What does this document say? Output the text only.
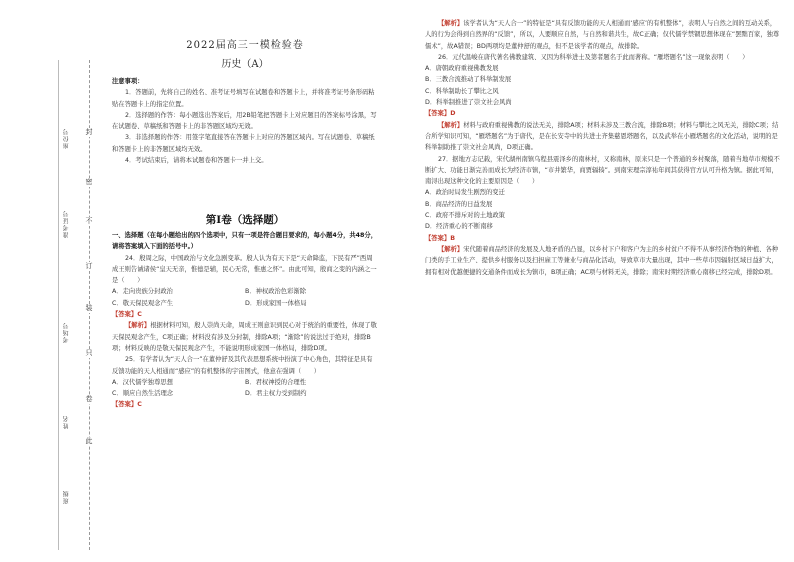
封
密
不
订
装
只
卷
此
座位号
准考证号
考场号
姓名
班级
2022届高三一模检验卷
历史（A）

注意事项：

1．答题前，先将自己的姓名、准考证号填写在试题卷和答题卡上，并将准考证号条形码粘贴在答题卡上的指定位置。

2．选择题的作答：每小题选出答案后，用2B铅笔把答题卡上对应题目的答案标号涂黑，写在试题卷、草稿纸和答题卡上的非答题区域均无效。

3．非选择题的作答：用签字笔直接答在答题卡上对应的答题区域内。写在试题卷、草稿纸和答题卡上的非答题区域均无效。

4．考试结束后，请将本试题卷和答题卡一并上交。

第Ⅰ卷（选择题）

一、选择题（在每小题给出的四个选项中，只有一项是符合题目要求的，每小题4分，共48分，请将答案填入下面的括号中。）

24．殷周之际，中国政治与文化急剧变革。殷人认为有天下是“天命降监，下民有严”西周成王则告诫诸侯“皇天无亲，惟德是辅，民心无常，惟惠之怀”。由此可知，殷商之变的内涵之一是（　　）

A．走向贵族分封政治	B．神权政治色彩渐除
C．敬天保民观念产生	D．形成家国一体格局

【答案】C

【解析】根据材料可知，殷人崇尚天命，周成王则意识到民心对于统治的重要性，体现了敬天保民观念产生，C项正确；材料没有涉及分封制，排除A项；“渐除”的说法过于绝对，排除B项；材料反映的是敬天保民观念产生，不能说明形成家国一体格局，排除D项。

25．有学者认为“天人合一”在董仲舒及其代表思想系统中扮演了中心角色，其特征是具有反馈功能的天人相通而“感应”的有机整体的宇宙图式，他意在强调（　　）

A．汉代儒学独尊思想	B．君权神授的合理性
C．顺应自然生活理念	D．君主权力受到制约

【答案】C

【解析】该学者认为“天人合一”的特征是“具有反馈功能的天人相通而‘感应’的有机整体”，表明人与自然之间的互动关系，人的行为会得到自然界的“反馈”，所以，人要顺应自然，与自然和谐共生，故C正确；仅代儒学禁锢思想体现在“罢黜百家，独尊儒术”，故A错误；BD两项均是董仲舒的观点，但不是该学者的观点，故排除。

26．元代温峻在唐代著名佛教建筑、又因为科举进士及第者题名于此而著称。“雁塔题名”这一现象表明（　　）

A．唐朝政府重视佛教发展

B．三教合流推动了科举制发展

C．科举制助长了攀比之风

D．科举制推进了崇文社会风尚

【答案】D

【解析】材料与政府重视佛教的说法无关，排除A项；材料未涉及三教合流，排除B项；材料与攀比之风无关，排除C项；结合所学知识可知，“雁塔题名”为于唐代，是在长安寺中的共进士齐集慈恩塔题名，以及武举在小雁塔题名的文化活动，说明的是科举制助推了崇文社会风尚，D项正确。

27．据地方志记载，宋代湖州南镇乌程县震泽乡的南林村，又称南林，原来只是一个普通的乡村聚落，随着当地草市规模不断扩大、功能日渐完善而成长为经济市镇，“市井繁华，商贾辐辏”。到南宋理宗淳祐年间其获得官方认可升格为镇。据此可知，南浔出现这种文化的主要原因是（　　）

A．政治时局发生剧烈的变迁

B．商品经济的日益发展

C．政府不排斥对的土地政策

D．经济重心的不断南移

【答案】B

【解析】宋代随着商品经济的发展及人地矛盾的凸显，以乡村下户和客户为主的乡村贫户不得不从事经济作物的种植、各种门类的手工业生产、提供乡村服务以及扫担雇工等兼业与商品化活动，导致草市大量出现，其中一些草市因辐射区域日益扩大，拥有相对优越便捷的交通条件而成长为镇市，B项正确；AC项与材料无关，排除；南宋时期经济重心南移已经完成，排除D项。
